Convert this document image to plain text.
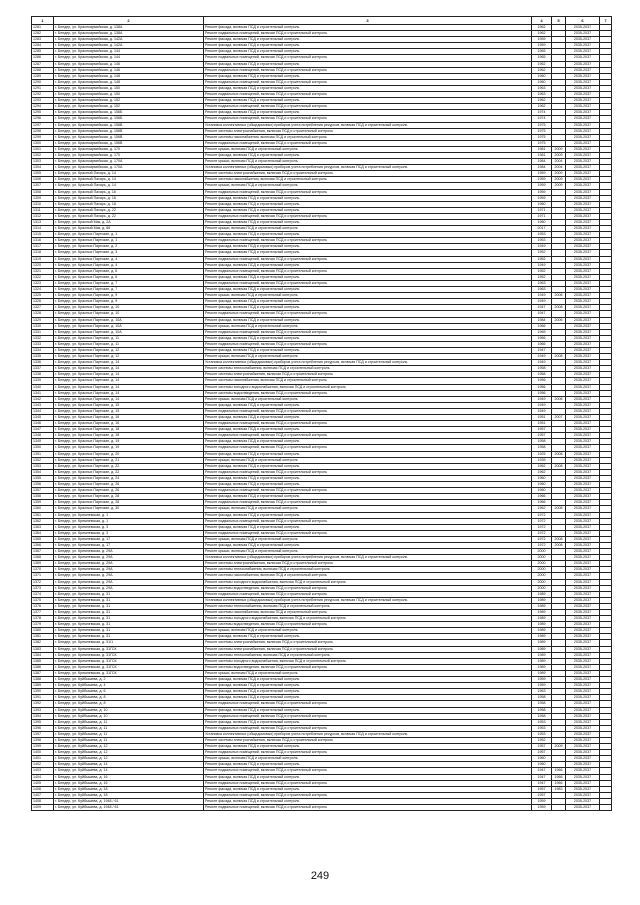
1	2	3	4	5	6	7
1281	г. Бендер, ул. Красноармейская, д. 138А	Ремонт фасада, включая ПСД и строительный контроль	1962		2035-2037	
1282	г. Бендер, ул. Красноармейская, д. 138А	Ремонт подвальных помещений, включая ПСД и строительный контроль	1962		2035-2037	
1283	г. Бендер, ул. Красноармейская, д. 142А	Ремонт фасада, включая ПСД и строительный контроль	1959		2035-2037	
1284	г. Бендер, ул. Красноармейская, д. 142А	Ремонт фасада, включая ПСД и строительный контроль	1959		2035-2037	
1285	г. Бендер, ул. Красноармейская, д. 144	Ремонт фасада, включая ПСД и строительный контроль	1965		2035-2037	
1286	г. Бендер, ул. Красноармейская, д. 144	Ремонт подвальных помещений, включая ПСД и строительный контроль	1965		2035-2037	
1287	г. Бендер, ул. Красноармейская, д. 146	Ремонт фасада, включая ПСД и строительный контроль	1962		2035-2037	
1288	г. Бендер, ул. Красноармейская, д. 146	Ремонт подвальных помещений, включая ПСД и строительный контроль	1962		2035-2037	
1289	г. Бендер, ул. Красноармейская, д. 148	Ремонт фасада, включая ПСД и строительный контроль	1960		2035-2037	
1290	г. Бендер, ул. Красноармейская, д. 148	Ремонт подвальных помещений, включая ПСД и строительный контроль	1960		2035-2037	
1291	г. Бендер, ул. Красноармейская, д. 150	Ремонт фасада, включая ПСД и строительный контроль	1963		2035-2037	
1292	г. Бендер, ул. Красноармейская, д. 150	Ремонт подвальных помещений, включая ПСД и строительный контроль	1963		2035-2037	
1293	г. Бендер, ул. Красноармейская, д. 152	Ремонт фасада, включая ПСД и строительный контроль	1962		2035-2037	
1294	г. Бендер, ул. Красноармейская, д. 152	Ремонт подвальных помещений, включая ПСД и строительный контроль	1962		2035-2037	
1295	г. Бендер, ул. Красноармейская, д. 156Б	Ремонт фасада, включая ПСД и строительный контроль	1974		2035-2037	
1296	г. Бендер, ул. Красноармейская, д. 156Б	Ремонт подвальных помещений, включая ПСД и строительный контроль	1974		2035-2037	
1297	г. Бендер, ул. Красноармейская, д. 156В	Установка коллективных (общедомовых) приборов учета потребления ресурсов, включая ПСД и строительный контроль	1975		2035-2037	
1298	г. Бендер, ул. Красноармейская, д. 156В	Ремонт системы электроснабжения, включая ПСД и строительный контроль	1975		2035-2037	
1299	г. Бендер, ул. Красноармейская, д. 156В	Ремонт системы газоснабжения, включая ПСД и строительный контроль	1975		2035-2037	
1300	г. Бендер, ул. Красноармейская, д. 156В	Ремонт подвальных помещений, включая ПСД и строительный контроль	1975		2035-2037	
1301	г. Бендер, ул. Красноармейская, д. 170	Ремонт крыши, включая ПСД и строительный контроль	1981	2009	2035-2037	
1302	г. Бендер, ул. Красноармейская, д. 170	Ремонт фасада, включая ПСД и строительный контроль	1981	2009	2035-2037	
1303	г. Бендер, ул. Красноармейская, д. 170А	Ремонт крыши, включая ПСД и строительный контроль	1984	2004	2035-2037	
1304	г. Бендер, ул. Красноармейская, д. 170А	Установка коллективных (общедомовых) приборов учета потребления ресурсов, включая ПСД и строительный контроль	1984	2004	2035-2037	
1305	г. Бендер, ул. Красный Пахарь, д. 14	Ремонт системы электроснабжения, включая ПСД и строительный контроль	1959	2009	2035-2037	
1306	г. Бендер, ул. Красный Пахарь, д. 14	Ремонт системы газоснабжения, включая ПСД и строительный контроль	1959	2009	2035-2037	
1307	г. Бендер, ул. Красный Пахарь, д. 14	Ремонт крыши, включая ПСД и строительный контроль	1959	2009	2035-2037	
1308	г. Бендер, ул. Красный Пахарь, д. 16	Ремонт подвальных помещений, включая ПСД и строительный контроль	1959		2035-2037	
1309	г. Бендер, ул. Красный Пахарь, д. 16	Ремонт фасада, включая ПСД и строительный контроль	1959		2035-2037	
1310	г. Бендер, ул. Красный Пахарь, д. 18	Ремонт фасада, включая ПСД и строительный контроль	1960		2035-2037	
1311	г. Бендер, ул. Красный Пахарь, д. 22	Ремонт фасада, включая ПСД и строительный контроль	1971		2035-2037	
1312	г. Бендер, ул. Красный Пахарь, д. 22	Ремонт подвальных помещений, включая ПСД и строительный контроль	1971		2035-2037	
1313	г. Бендер, ул. Красный Мак, д. 2А	Ремонт фасада, включая ПСД и строительный контроль	1960		2035-2037	
1314	г. Бендер, ул. Красный Мак, д. 66	Ремонт крыши, включая ПСД и строительный контроль	2017		2035-2037	
1315	г. Бендер, ул. Красных Партизан, д. 1	Ремонт фасада, включая ПСД и строительный контроль	1953		2035-2037	
1316	г. Бендер, ул. Красных Партизан, д. 1	Ремонт подвальных помещений, включая ПСД и строительный контроль	1953		2035-2037	
1317	г. Бендер, ул. Красных Партизан, д. 2	Ремонт фасада, включая ПСД и строительный контроль	1949		2035-2037	
1318	г. Бендер, ул. Красных Партизан, д. 3	Ремонт фасада, включая ПСД и строительный контроль	1952		2035-2037	
1319	г. Бендер, ул. Красных Партизан, д. 4	Ремонт подвальных помещений, включая ПСД и строительный контроль	1952		2035-2037	
1320	г. Бендер, ул. Красных Партизан, д. 4	Ремонт фасада, включая ПСД и строительный контроль	1949		2035-2037	
1321	г. Бендер, ул. Красных Партизан, д. 6	Ремонт подвальных помещений, включая ПСД и строительный контроль	1952		2035-2037	
1322	г. Бендер, ул. Красных Партизан, д. 6	Ремонт фасада, включая ПСД и строительный контроль	1952		2035-2037	
1323	г. Бендер, ул. Красных Партизан, д. 7	Ремонт подвальных помещений, включая ПСД и строительный контроль	1963		2035-2037	
1324	г. Бендер, ул. Красных Партизан, д. 7	Ремонт фасада, включая ПСД и строительный контроль	1963		2035-2037	
1325	г. Бендер, ул. Красных Партизан, д. 9	Ремонт крыши, включая ПСД и строительный контроль	1949	2008	2035-2037	
1326	г. Бендер, ул. Красных Партизан, д. 9	Ремонт фасада, включая ПСД и строительный контроль	1949		2035-2037	
1327	г. Бендер, ул. Красных Партизан, д. 10	Ремонт фасада, включая ПСД и строительный контроль	1947	2008	2035-2037	
1328	г. Бендер, ул. Красных Партизан, д. 10	Ремонт подвальных помещений, включая ПСД и строительный контроль	1947		2035-2037	
1329	г. Бендер, ул. Красных Партизан, д. 10А	Ремонт фасада, включая ПСД и строительный контроль	1984	2006	2035-2037	
1330	г. Бендер, ул. Красных Партизан, д. 10А	Ремонт крыши, включая ПСД и строительный контроль	1966		2035-2037	
1331	г. Бендер, ул. Красных Партизан, д. 10А	Ремонт подвальных помещений, включая ПСД и строительный контроль	1965		2035-2037	
1332	г. Бендер, ул. Красных Партизан, д. 11	Ремонт фасада, включая ПСД и строительный контроль	1966		2035-2037	
1333	г. Бендер, ул. Красных Партизан, д. 11	Ремонт подвальных помещений, включая ПСД и строительный контроль	1966		2035-2037	
1334	г. Бендер, ул. Красных Партизан, д. 12	Ремонт фасада, включая ПСД и строительный контроль	1947		2035-2037	
1335	г. Бендер, ул. Красных Партизан, д. 12	Ремонт крыши, включая ПСД и строительный контроль	1949	2008	2035-2037	
1336	г. Бендер, ул. Красных Партизан, д. 14	Установка коллективных (общедомовых) приборов учета потребления ресурсов, включая ПСД и строительный контроль	1949		2035-2037	
1337	г. Бендер, ул. Красных Партизан, д. 14	Ремонт системы теплоснабжения, включая ПСД и строительный контроль	1958		2035-2037	
1338	г. Бендер, ул. Красных Партизан, д. 14	Ремонт системы электроснабжения, включая ПСД и строительный контроль	1958		2035-2037	
1339	г. Бендер, ул. Красных Партизан, д. 14	Ремонт системы газоснабжения, включая ПСД и строительный контроль	1956		2035-2037	
1340	г. Бендер, ул. Красных Партизан, д. 14	Ремонт системы холодного водоснабжения, включая ПСД и строительный контроль	1956		2035-2037	
1341	г. Бендер, ул. Красных Партизан, д. 14	Ремонт системы водоотведения, включая ПСД и строительный контроль	1956		2035-2037	
1342	г. Бендер, ул. Красных Партизан, д. 14	Ремонт крыши, включая ПСД и строительный контроль	1949	2008	2035-2037	
1343	г. Бендер, ул. Красных Партизан, д. 15	Ремонт фасада, включая ПСД и строительный контроль	1949		2035-2037	
1344	г. Бендер, ул. Красных Партизан, д. 15	Ремонт подвальных помещений, включая ПСД и строительный контроль	1949		2035-2037	
1345	г. Бендер, ул. Красных Партизан, д. 16	Ремонт фасада, включая ПСД и строительный контроль	1951	2007	2035-2037	
1346	г. Бендер, ул. Красных Партизан, д. 16	Ремонт подвальных помещений, включая ПСД и строительный контроль	1951		2035-2037	
1347	г. Бендер, ул. Красных Партизан, д. 18	Ремонт фасада, включая ПСД и строительный контроль	1957		2035-2037	
1348	г. Бендер, ул. Красных Партизан, д. 18	Ремонт подвальных помещений, включая ПСД и строительный контроль	1957		2035-2037	
1349	г. Бендер, ул. Красных Партизан, д. 19	Ремонт фасада, включая ПСД и строительный контроль	1958		2035-2037	
1350	г. Бендер, ул. Красных Партизан, д. 19	Ремонт подвальных помещений, включая ПСД и строительный контроль	1958		2035-2037	
1351	г. Бендер, ул. Красных Партизан, д. 20	Ремонт фасада, включая ПСД и строительный контроль	1925	2008	2035-2037	
1352	г. Бендер, ул. Красных Партизан, д. 21	Ремонт крыши, включая ПСД и строительный контроль	1935		2035-2037	
1353	г. Бендер, ул. Красных Партизан, д. 22	Ремонт фасада, включая ПСД и строительный контроль	1962	2008	2035-2037	
1354	г. Бендер, ул. Красных Партизан, д. 22	Ремонт подвальных помещений, включая ПСД и строительный контроль	1962		2035-2037	
1355	г. Бендер, ул. Красных Партизан, д. 24	Ремонт фасада, включая ПСД и строительный контроль	1960		2035-2037	
1356	г. Бендер, ул. Красных Партизан, д. 26	Ремонт фасада, включая ПСД и строительный контроль	1960		2035-2037	
1357	г. Бендер, ул. Красных Партизан, д. 26	Ремонт подвальных помещений, включая ПСД и строительный контроль	1960		2035-2037	
1358	г. Бендер, ул. Красных Партизан, д. 28	Ремонт фасада, включая ПСД и строительный контроль	1966		2035-2037	
1359	г. Бендер, ул. Красных Партизан, д. 28	Ремонт подвальных помещений, включая ПСД и строительный контроль	1966		2035-2037	
1360	г. Бендер, ул. Красных Партизан, д. 30	Ремонт крыши, включая ПСД и строительный контроль	1962	2008	2035-2037	
1361	г. Бендер, ул. Кремлевская, д. 1	Ремонт фасада, включая ПСД и строительный контроль	1972		2035-2037	
1362	г. Бендер, ул. Кремлевская, д. 1	Ремонт подвальных помещений, включая ПСД и строительный контроль	1972		2035-2037	
1363	г. Бендер, ул. Кремлевская, д. 3	Ремонт фасада, включая ПСД и строительный контроль	1972		2035-2037	
1364	г. Бендер, ул. Кремлевская, д. 3	Ремонт подвальных помещений, включая ПСД и строительный контроль	1972		2035-2037	
1365	г. Бендер, ул. Кремлевская, д. 17	Ремонт крыши, включая ПСД и строительный контроль	1972	2008	2035-2037	
1366	г. Бендер, ул. Кремлевская, д. 17	Ремонт фасада, включая ПСД и строительный контроль	1972	2008	2035-2037	
1367	г. Бендер, ул. Кремлевская, д. 29А	Ремонт крыши, включая ПСД и строительный контроль	2000		2035-2037	
1368	г. Бендер, ул. Кремлевская, д. 29А	Установка коллективных (общедомовых) приборов учета потребления ресурсов, включая ПСД и строительный контроль	2000		2035-2037	
1369	г. Бендер, ул. Кремлевская, д. 29А	Ремонт системы электроснабжения, включая ПСД и строительный контроль	2000		2035-2037	
1370	г. Бендер, ул. Кремлевская, д. 29А	Ремонт системы теплоснабжения, включая ПСД и строительный контроль	2000		2035-2037	
1371	г. Бендер, ул. Кремлевская, д. 29А	Ремонт системы газоснабжения, включая ПСД и строительный контроль	2000		2035-2037	
1372	г. Бендер, ул. Кремлевская, д. 29А	Ремонт системы холодного водоснабжения, включая ПСД и строительный контроль	2000		2035-2037	
1373	г. Бендер, ул. Кремлевская, д. 29А	Ремонт системы водоотведения, включая ПСД и строительный контроль	2000		2035-2037	
1374	г. Бендер, ул. Кремлевская, д. 31	Ремонт подвальных помещений, включая ПСД и строительный контроль	1989		2035-2037	
1375	г. Бендер, ул. Кремлевская, д. 31	Установка коллективных (общедомовых) приборов учета потребления ресурсов, включая ПСД и строительный контроль	1989		2035-2037	
1376	г. Бендер, ул. Кремлевская, д. 31	Ремонт системы теплоснабжения, включая ПСД и строительный контроль	1989		2035-2037	
1377	г. Бендер, ул. Кремлевская, д. 31	Ремонт системы газоснабжения, включая ПСД и строительный контроль	1989		2035-2037	
1378	г. Бендер, ул. Кремлевская, д. 31	Ремонт системы холодного водоснабжения, включая ПСД и строительный контроль	1989		2035-2037	
1379	г. Бендер, ул. Кремлевская, д. 31	Ремонт системы водоотведения, включая ПСД и строительный контроль	1989		2035-2037	
1380	г. Бендер, ул. Кремлевская, д. 31	Ремонт крыши, включая ПСД и строительный контроль	1989		2035-2037	
1381	г. Бендер, ул. Кремлевская, д. 31	Ремонт фасада, включая ПСД и строительный контроль	1989		2035-2037	
1382	г. Бендер, ул. Кремлевская, д. 31/1	Ремонт системы электроснабжения, включая ПСД и строительный контроль	1989		2035-2037	
1383	г. Бендер, ул. Кремлевская, д. 31ГСК	Ремонт системы электроснабжения, включая ПСД и строительный контроль	1989		2035-2037	
1384	г. Бендер, ул. Кремлевская, д. 31ГСК	Ремонт системы теплоснабжения, включая ПСД и строительный контроль	1989		2035-2037	
1385	г. Бендер, ул. Кремлевская, д. 31ГСК	Ремонт системы холодного водоснабжения, включая ПСД и строительный контроль	1989		2035-2037	
1386	г. Бендер, ул. Кремлевская, д. 31ГСК	Ремонт системы водоотведения, включая ПСД и строительный контроль	1989		2035-2037	
1387	г. Бендер, ул. Кремлевская, д. 31ГСК	Ремонт крыши, включая ПСД и строительный контроль	1989		2035-2037	
1388	г. Бендер, ул. Куйбышева, д. 2	Ремонт фасада, включая ПСД и строительный контроль	1959		2035-2037	
1389	г. Бендер, ул. Куйбышева, д. 4	Ремонт фасада, включая ПСД и строительный контроль	1959		2035-2037	
1390	г. Бендер, ул. Куйбышева, д. 6	Ремонт фасада, включая ПСД и строительный контроль	1963		2035-2037	
1391	г. Бендер, ул. Куйбышева, д. 8	Ремонт фасада, включая ПСД и строительный контроль	1958		2035-2037	
1392	г. Бендер, ул. Куйбышева, д. 8	Ремонт подвальных помещений, включая ПСД и строительный контроль	1958		2035-2037	
1393	г. Бендер, ул. Куйбышева, д. 10	Ремонт фасада, включая ПСД и строительный контроль	1958		2035-2037	
1394	г. Бендер, ул. Куйбышева, д. 10	Ремонт подвальных помещений, включая ПСД и строительный контроль	1958		2035-2037	
1395	г. Бендер, ул. Куйбышева, д. 11	Ремонт фасада, включая ПСД и строительный контроль	1953		2035-2037	
1396	г. Бендер, ул. Куйбышева, д. 11	Ремонт подвальных помещений, включая ПСД и строительный контроль	1953		2035-2037	
1397	г. Бендер, ул. Куйбышева, д. 11	Установка коллективных (общедомовых) приборов учета потребления ресурсов, включая ПСД и строительный контроль	1953		2035-2037	
1398	г. Бендер, ул. Куйбышева, д. 11	Ремонт системы электроснабжения, включая ПСД и строительный контроль	1952		2035-2037	
1399	г. Бендер, ул. Куйбышева, д. 12	Ремонт фасада, включая ПСД и строительный контроль	1957	2009	2035-2037	
1400	г. Бендер, ул. Куйбышева, д. 12	Ремонт подвальных помещений, включая ПСД и строительный контроль	1957		2035-2037	
1401	г. Бендер, ул. Куйбышева, д. 12	Ремонт крыши, включая ПСД и строительный контроль	1960		2035-2037	
1402	г. Бендер, ул. Куйбышева, д. 14	Ремонт фасада, включая ПСД и строительный контроль	1960		2035-2037	
1403	г. Бендер, ул. Куйбышева, д. 14	Ремонт подвальных помещений, включая ПСД и строительный контроль	1947	1966	2035-2037	
1404	г. Бендер, ул. Куйбышева, д. 16	Ремонт фасада, включая ПСД и строительный контроль	1947	1966	2035-2037	
1405	г. Бендер, ул. Куйбышева, д. 16	Ремонт подвальных помещений, включая ПСД и строительный контроль	1947	1966	2035-2037	
1406	г. Бендер, ул. Куйбышева, д. 18	Ремонт фасада, включая ПСД и строительный контроль	1957	1983	2035-2037	
1407	г. Бендер, ул. Куйбышева, д. 18	Ремонт подвальных помещений, включая ПСД и строительный контроль	1957		2035-2037	
1408	г. Бендер, ул. Куйбышева, д. 1948 / 61	Ремонт фасада, включая ПСД и строительный контроль	1959		2035-2037	
1409	г. Бендер, ул. Куйбышева, д. 1948 / 61	Ремонт подвальных помещений, включая ПСД и строительный контроль	1959		2035-2037	
249
